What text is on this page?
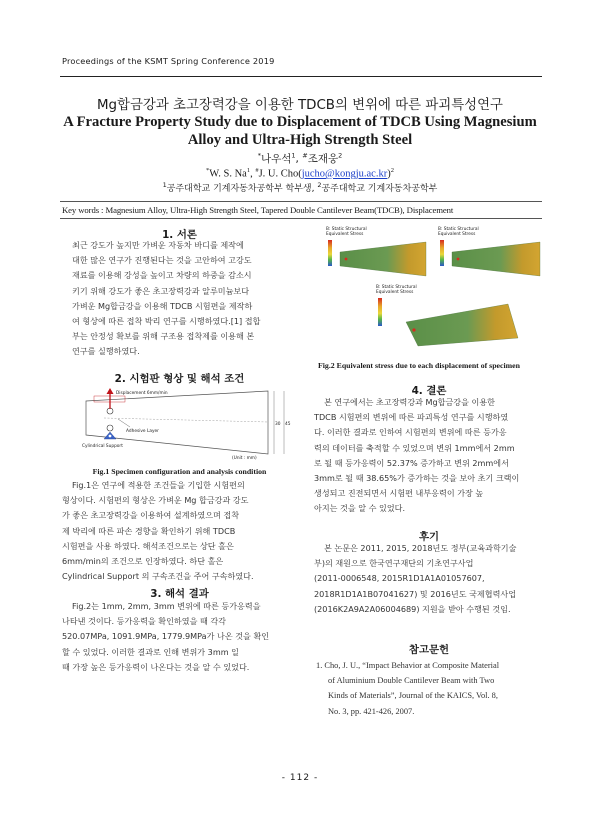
Proceedings of the KSMT Spring Conference 2019
Mg합금강과 초고장력강을 이용한 TDCB의 변위에 따른 파괴특성연구
A Fracture Property Study due to Displacement of TDCB Using Magnesium
Alloy and Ultra-High Strength Steel
*나우석$^1$, #조재웅$^2$
*W. S. Na$^1$, #J. U. Cho(jucho@kongju.ac.kr)$^2$
$^1$공주대학교 기계자동차공학부 학부생, $^2$공주대학교 기계자동차공학부
Key words : Magnesium Alloy, Ultra-High Strength Steel, Tapered Double Cantilever Beam(TDCB), Displacement
1. 서론
최근 강도가 높지만 가벼운 자동차 바디를 제작에
대한 많은 연구가 진행된다는 것을 고안하여 고강도
재료를 이용해 강성을 높이고 차량의 하중을 감소시
키기 위해 강도가 좋은 초고장력강과 알루미늄보다
가벼운 Mg합금강을 이용해 TDCB 시험편을 제작하
여 형상에 따른 접착 박리 연구를 시행하였다.[1] 접합
부는 안정성 확보를 위해 구조용 접착제를 이용해 본
연구를 실행하였다.
2. 시험판 형상 및 해석 조건
Displacement 6mm/min
Adhesive Layer
Cylindrical Support
30 45
(Unit : mm)
Fig.1 Specimen configuration and analysis condition
Fig.1은 연구에 적용한 조건들을 기입한 시험편의
형상이다. 시험편의 형상은 가벼운 Mg 합금강과 강도
가 좋은 초고장력강을 이용하여 설계하였으며 접착
제 박리에 따른 파손 경향을 확인하기 위해 TDCB
시험편을 사용 하였다. 해석조건으로는 상단 홀은
6mm/min의 조건으로 인장하였다. 하단 홀은
Cylindrical Support 의 구속조건을 주어 구속하였다.
3. 해석 결과
Fig.2는 1mm, 2mm, 3mm 변위에 따른 등가응력을
나타낸 것이다. 등가응력을 확인하였을 때 각각
520.07MPa, 1091.9MPa, 1779.9MPa가 나온 것을 확인
할 수 있었다. 이러한 결과로 인해 변위가 3mm 일
때 가장 높은 등가응력이 나온다는 것을 알 수 있었다.
B: Static Structural
Equivalent Stress
B: Static Structural
Equivalent Stress
B: Static Structural
Equivalent Stress
Fig.2 Equivalent stress due to each displacement of specimen
4. 결론
본 연구에서는 초고장력강과 Mg합금강을 이용한
TDCB 시험편의 변위에 따른 파괴특성 연구를 시행하였
다. 이러한 결과로 인하여 시험편의 변위에 따른 등가응
력의 데이터를 축적할 수 있었으며 변위 1mm에서 2mm
로 될 때 등가응력이 52.37% 증가하고 변위 2mm에서
3mm로 될 때 38.65%가 증가하는 것을 보아 초기 크랙이
생성되고 진전되면서 시험편 내부응력이 가장 높
아지는 것을 알 수 있었다.
후기
본 논문은 2011, 2015, 2018년도 정부(교육과학기술
부)의 재원으로 한국연구재단의 기초연구사업
(2011-0006548, 2015R1D1A1A01057607,
2018R1D1A1B07041627) 및 2016년도 국제협력사업
(2016K2A9A2A06004689) 지원을 받아 수행된 것임.
참고문헌
1. Cho, J. U., “Impact Behavior at Composite Material
of Aluminium Double Cantilever Beam with Two
Kinds of Materials”, Journal of the KAICS, Vol. 8,
No. 3, pp. 421-426, 2007.
- 112 -
